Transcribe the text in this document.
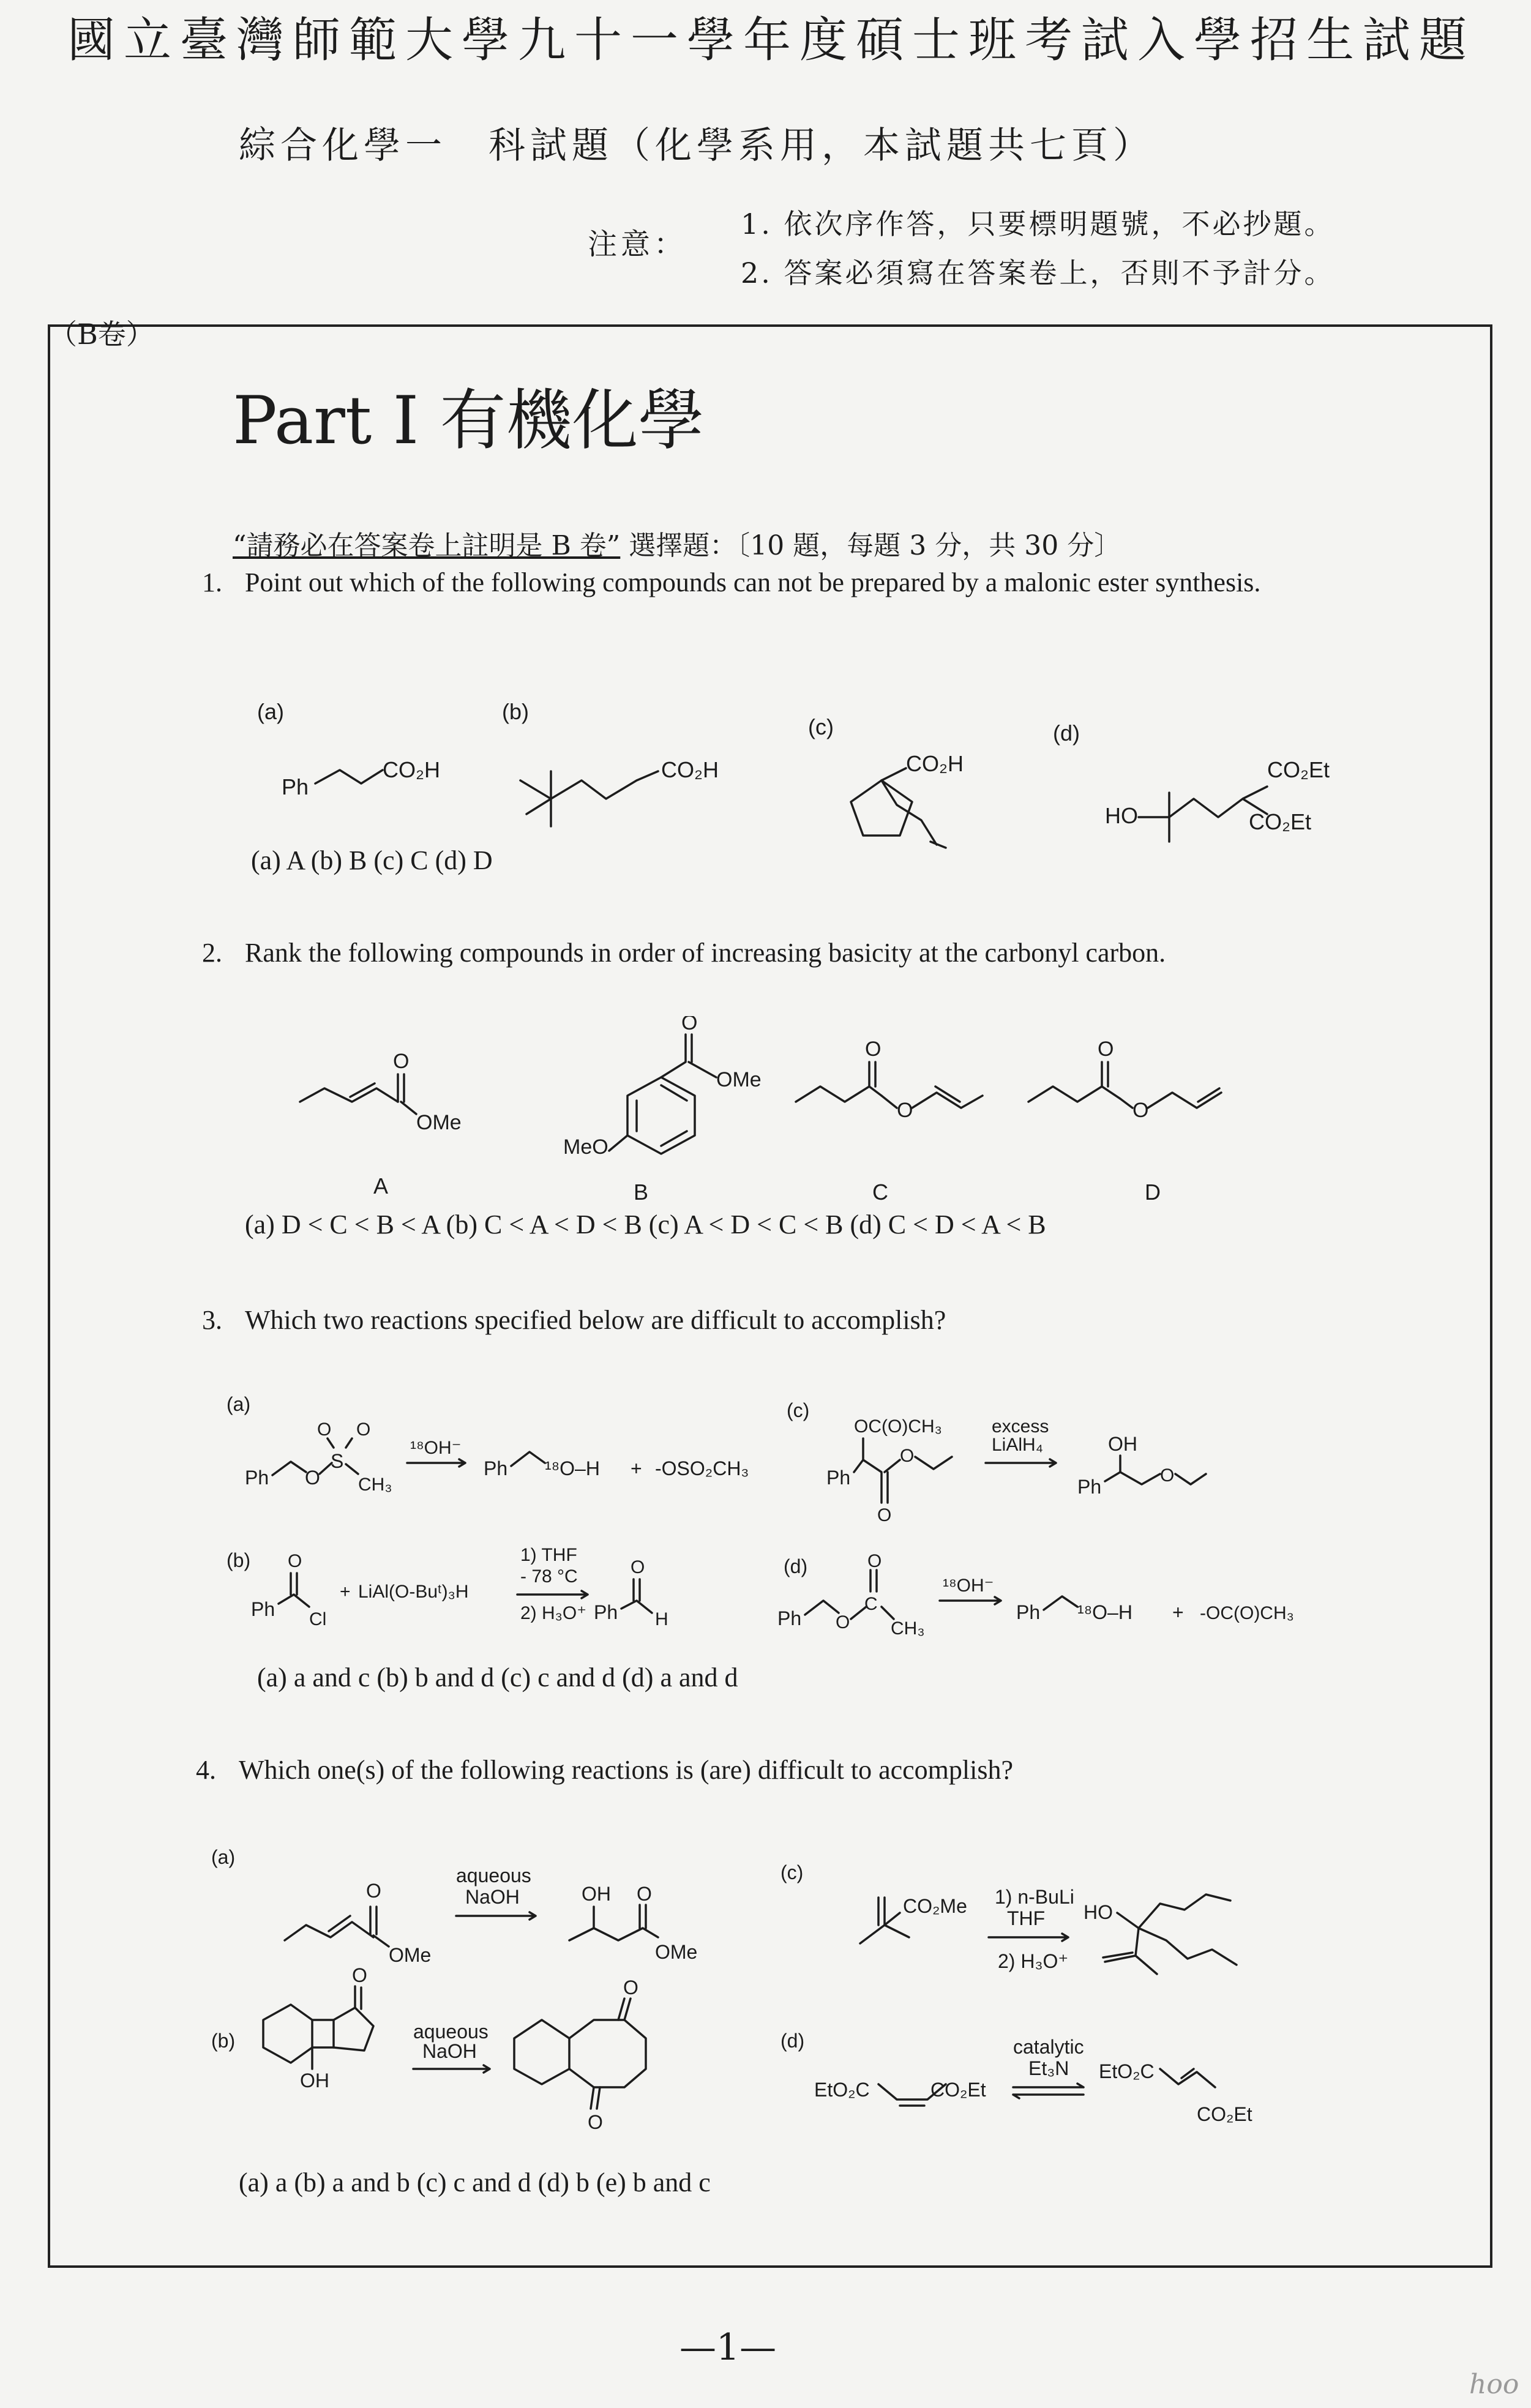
國立臺灣師範大學九十一學年度碩士班考試入學招生試題
綜合化學一　科試題（化學系用，本試題共七頁）
注意：
1. 依次序作答，只要標明題號，不必抄題。
2. 答案必須寫在答案卷上，否則不予計分。
（B卷）
Part Ⅰ 有機化學
“請務必在答案卷上註明是 B 卷” 選擇題：〔10 題，每題 3 分，共 30 分〕
1. Point out which of the following compounds can not be prepared by a malonic ester synthesis.
(a)	(b)
(c)	(d)
Ph
CO₂H	CO₂H	CO₂H
HO
CO₂Et
CO₂Et
(a) A (b) B (c) C (d) D
2. Rank the following compounds in order of increasing basicity at the carbonyl carbon.
O
OMe
A
O
OMe
MeO
B
O
O
C
O
O
D
(a) D < C < B < A (b) C < A < D < B (c) A < D < C < B (d) C < D < A < B
3. Which two reactions specified below are difficult to accomplish?
(a)
Ph O
S
O O
CH₃
¹⁸OH⁻
Ph ¹⁸O–H + -OSO₂CH₃
(c)
OC(O)CH₃
Ph
O
O
excess
LiAlH₄	OH
Ph
O
(b) O
Ph Cl
+ LiAl(O-Buᵗ)₃H
1) THF
- 78 °C
2) H₃O⁺
O
Ph H
(d)
Ph O
C
O
CH₃
¹⁸OH⁻
Ph ¹⁸O–H + -OC(O)CH₃
(a) a and c (b) b and d (c) c and d (d) a and d
4. Which one(s) of the following reactions is (are) difficult to accomplish?
(a)
O
OMe
aqueous
NaOH	OH O
OMe
(c)
CO₂Me 1) n-BuLi
THF
2) H₃O⁺
HO
(b)
O
OH
aqueous
NaOH
O
O
(d)
EtO₂C	CO₂Et
catalytic
Et₃N EtO₂C
CO₂Et
(a) a (b) a and b (c) c and d (d) b (e) b and c
—1—
hoo
